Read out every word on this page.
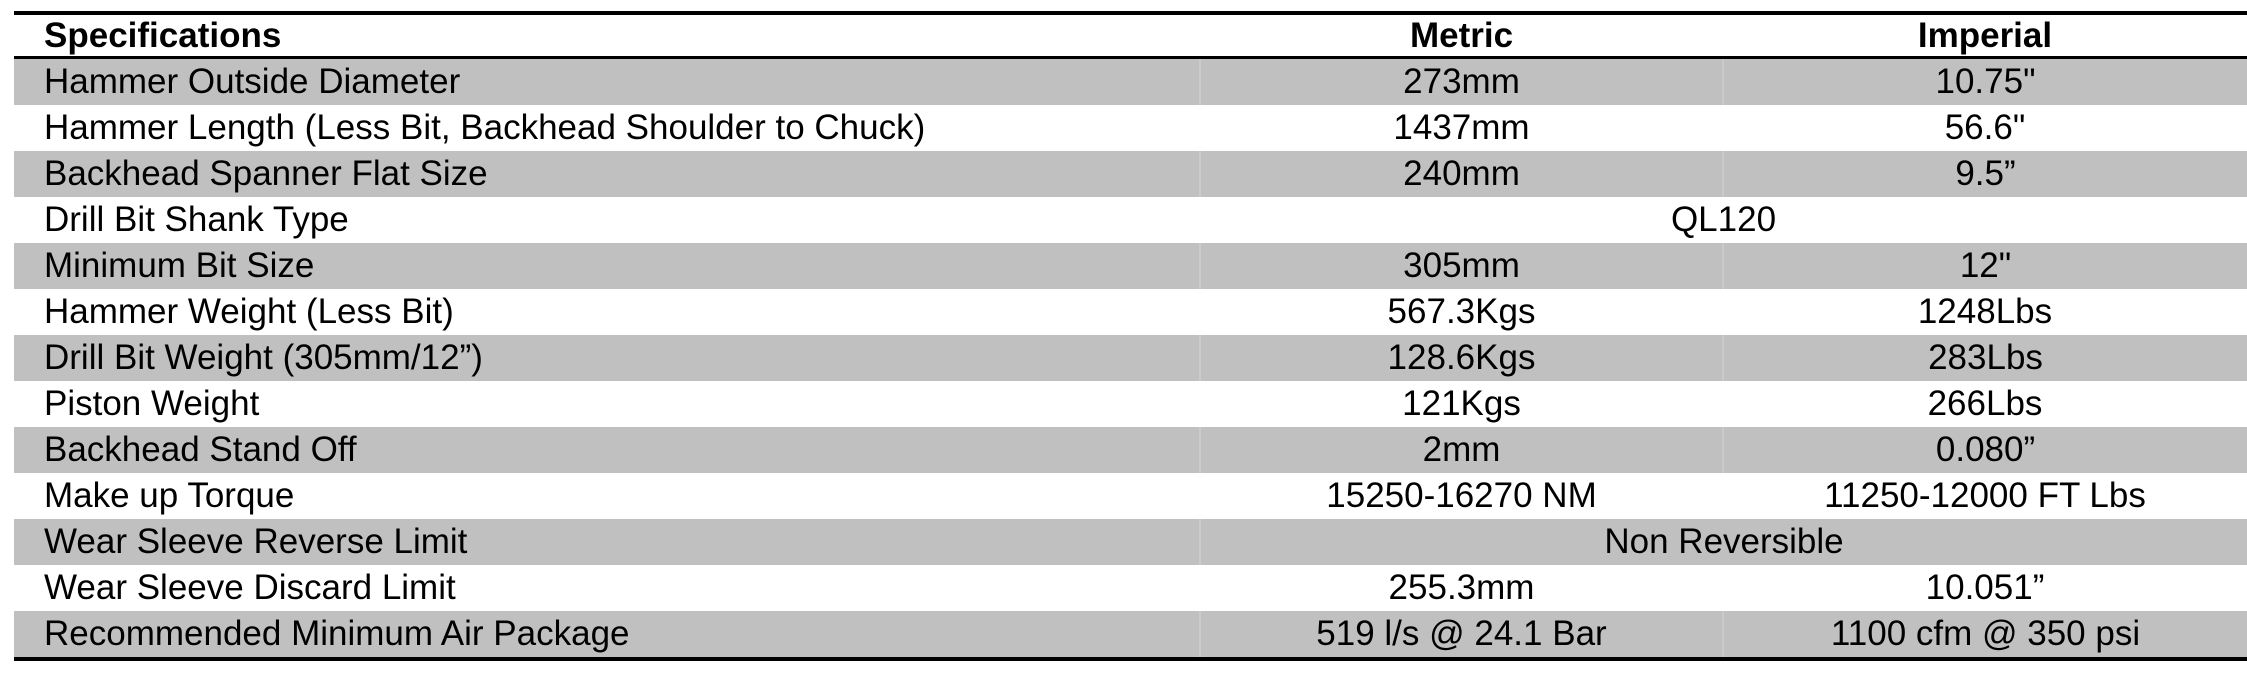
Specifications	Metric	Imperial
Hammer Outside Diameter	273mm	10.75"
Hammer Length (Less Bit, Backhead Shoulder to Chuck)	1437mm	56.6"
Backhead Spanner Flat Size	240mm	9.5”
Drill Bit Shank Type	QL120	
Minimum Bit Size	305mm	12"
Hammer Weight (Less Bit)	567.3Kgs	1248Lbs
Drill Bit Weight (305mm/12”)	128.6Kgs	283Lbs
Piston Weight	121Kgs	266Lbs
Backhead Stand Off	2mm	0.080”
Make up Torque	15250-16270 NM	11250-12000 FT Lbs
Wear Sleeve Reverse Limit	Non Reversible	
Wear Sleeve Discard Limit	255.3mm	10.051”
Recommended Minimum Air Package	519 l/s @ 24.1 Bar	1100 cfm @ 350 psi
